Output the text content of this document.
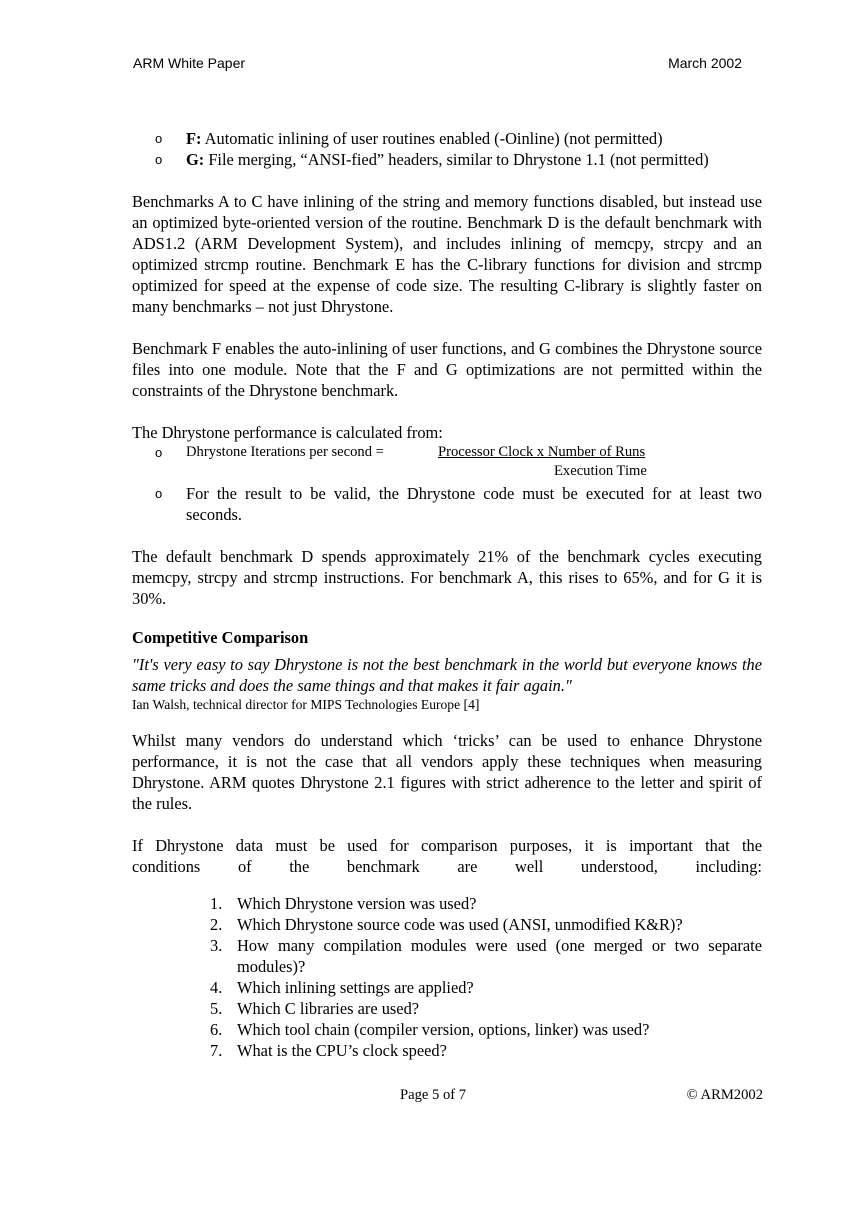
ARM White Paper	March 2002
o F: Automatic inlining of user routines enabled (-Oinline) (not permitted)

o G: File merging, “ANSI-fied” headers, similar to Dhrystone 1.1 (not permitted)

Benchmarks A to C have inlining of the string and memory functions disabled, but instead use an optimized byte-oriented version of the routine. Benchmark D is the default benchmark with ADS1.2 (ARM Development System), and includes inlining of memcpy, strcpy and an optimized strcmp routine. Benchmark E has the C-library functions for division and strcmp optimized for speed at the expense of code size. The resulting C-library is slightly faster on many benchmarks – not just Dhrystone.

Benchmark F enables the auto-inlining of user functions, and G combines the Dhrystone source files into one module. Note that the F and G optimizations are not permitted within the constraints of the Dhrystone benchmark.

The Dhrystone performance is calculated from:

o Dhrystone Iterations per second =	Processor Clock x Number of Runs
Execution Time
o For the result to be valid, the Dhrystone code must be executed for at least two seconds.

The default benchmark D spends approximately 21% of the benchmark cycles executing memcpy, strcpy and strcmp instructions. For benchmark A, this rises to 65%, and for G it is 30%.

Competitive Comparison

"It's very easy to say Dhrystone is not the best benchmark in the world but everyone knows the same tricks and does the same things and that makes it fair again."

Ian Walsh, technical director for MIPS Technologies Europe [4]

Whilst many vendors do understand which ‘tricks’ can be used to enhance Dhrystone performance, it is not the case that all vendors apply these techniques when measuring Dhrystone. ARM quotes Dhrystone 2.1 figures with strict adherence to the letter and spirit of the rules.

If Dhrystone data must be used for comparison purposes, it is important that the

conditions of the benchmark are well understood, including:

1. Which Dhrystone version was used?
2. Which Dhrystone source code was used (ANSI, unmodified K&R)?
3. How many compilation modules were used (one merged or two separate modules)?
4. Which inlining settings are applied?
5. Which C libraries are used?
6. Which tool chain (compiler version, options, linker) was used?
7. What is the CPU’s clock speed?
Page 5 of 7	© ARM2002
